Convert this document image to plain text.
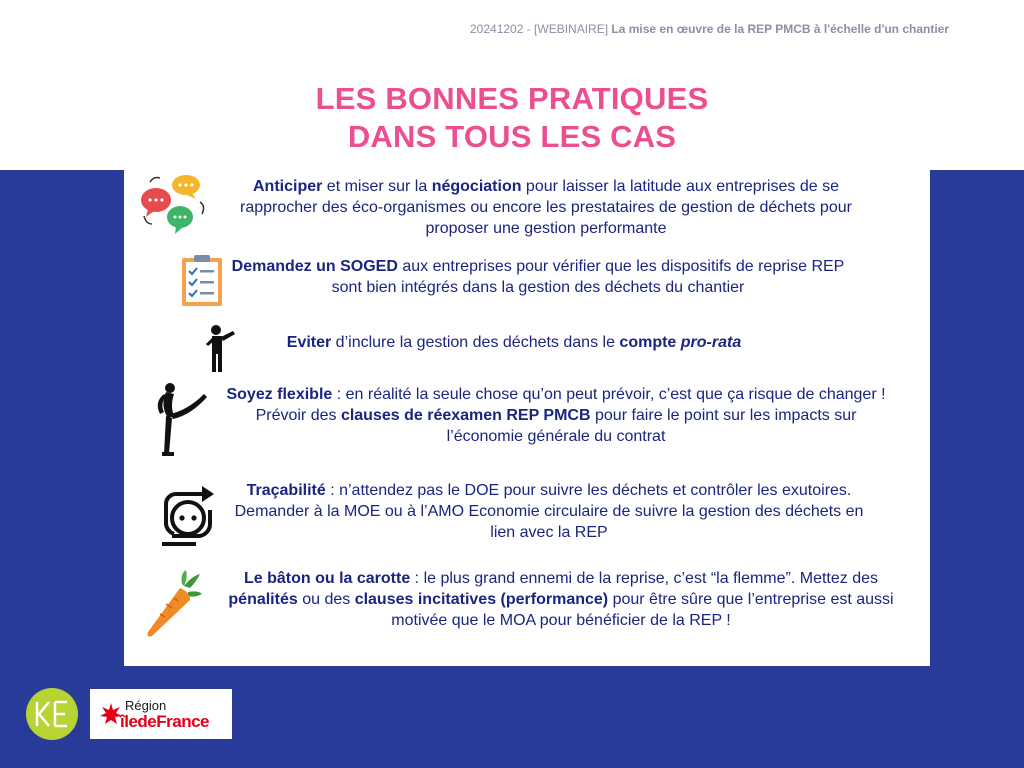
20241202 - [WEBINAIRE] La mise en œuvre de la REP PMCB à l'échelle d'un chantier
LES BONNES PRATIQUES
DANS TOUS LES CAS

Anticiper et miser sur la négociation pour laisser la latitude aux entreprises de se rapprocher des éco-organismes ou encore les prestataires de gestion de déchets pour proposer une gestion performante

Demandez un SOGED aux entreprises pour vérifier que les dispositifs de reprise REP sont bien intégrés dans la gestion des déchets du chantier

Eviter d’inclure la gestion des déchets dans le compte pro-rata

Soyez flexible : en réalité la seule chose qu’on peut prévoir, c’est que ça risque de changer ! Prévoir des clauses de réexamen REP PMCB pour faire le point sur les impacts sur l’économie générale du contrat

Traçabilité : n’attendez pas le DOE pour suivre les déchets et contrôler les exutoires. Demander à la MOE ou à l’AMO Economie circulaire de suivre la gestion des déchets en lien avec la REP

Le bâton ou la carotte : le plus grand ennemi de la reprise, c’est “la flemme”. Mettez des pénalités ou des clauses incitatives (performance) pour être sûre que l’entreprise est aussi motivée que le MOA pour bénéficier de la REP !

Région
îledeFrance
